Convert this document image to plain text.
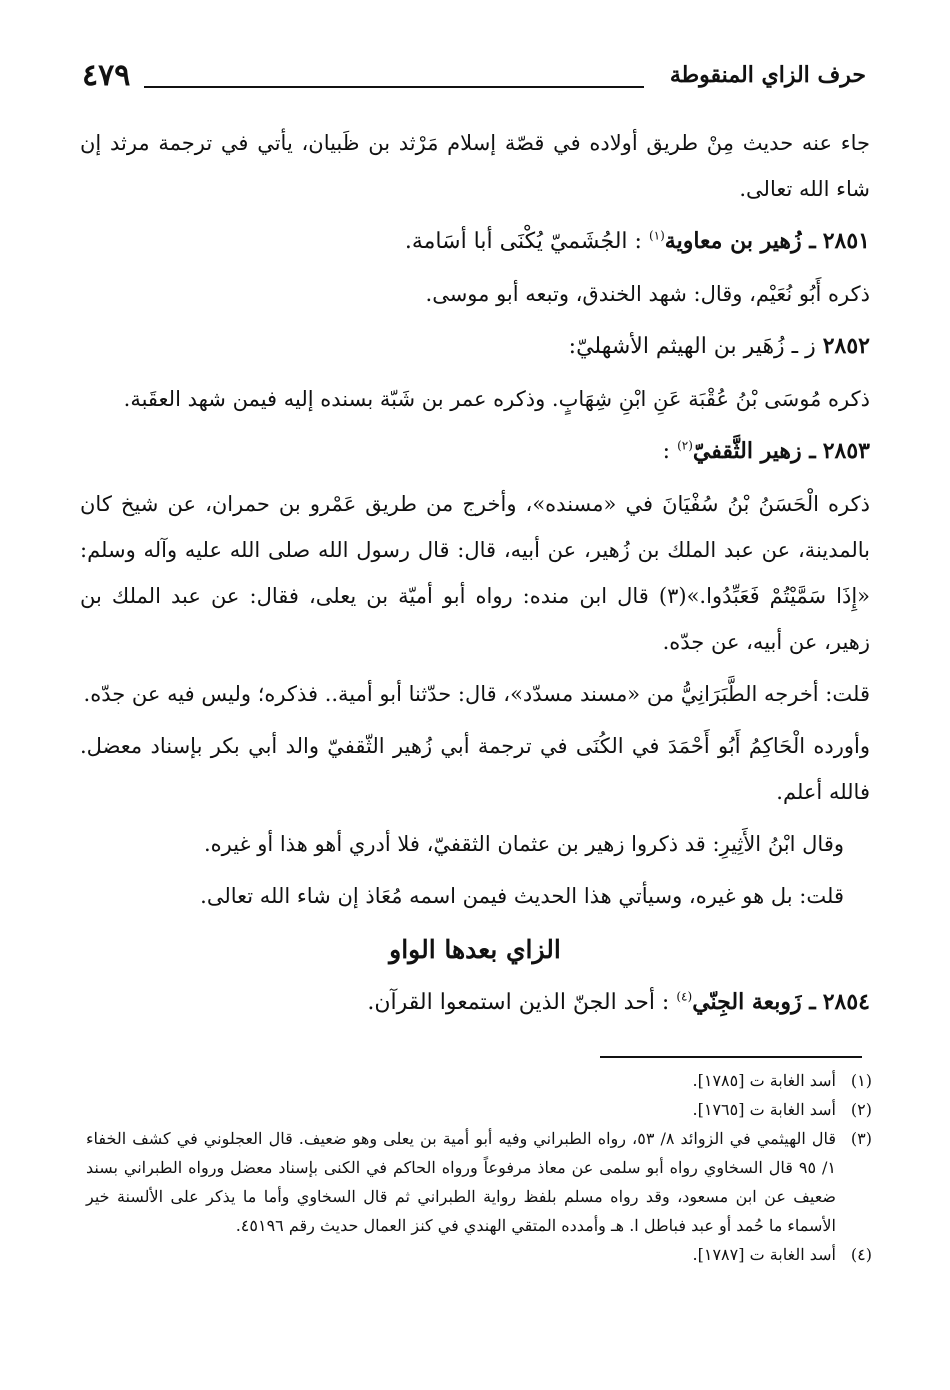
حرف الزاي المنقوطة
٤٧٩

جاء عنه حديث مِنْ طريق أولاده في قصّة إسلام مَرْثد بن ظَبيان، يأتي في ترجمة مرثد إن شاء الله تعالى.

٢٨٥١ ـ زُهير بن معاوية$^{(١)}$ : الجُشَميّ يُكْنَى أبا أسَامة.

ذكره أَبُو نُعَيْم، وقال: شهد الخندق، وتبعه أبو موسى.

٢٨٥٢ ز ـ زُهَير بن الهيثم الأشهليّ:

ذكره مُوسَى بْنُ عُقْبَة عَنِ ابْنِ شِهَابٍ. وذكره عمر بن شَبّة بسنده إليه فيمن شهد العقَبة.

٢٨٥٣ ـ زهير الثَّقفيّ$^{(٢)}$ :

ذكره الْحَسَنُ بْنُ سُفْيَانَ في «مسنده»، وأخرج من طريق عَمْرو بن حمران، عن شيخ كان بالمدينة، عن عبد الملك بن زُهير، عن أبيه، قال: قال رسول الله صلى الله عليه وآله وسلم: «إِذَا سَمَّيْتُمْ فَعَبِّدُوا.»(٣) قال ابن منده: رواه أبو أميّة بن يعلى، فقال: عن عبد الملك بن زهير، عن أبيه، عن جدّه.

قلت: أخرجه الطَّبَرَانِيُّ من «مسند مسدّد»، قال: حدّثنا أبو أمية.. فذكره؛ وليس فيه عن جدّه.

وأورده الْحَاكِمُ أَبُو أَحْمَدَ في الكُنَى في ترجمة أبي زُهير الثّقفيّ والد أبي بكر بإسناد معضل. فالله أعلم.

وقال ابْنُ الأَثِيرِ: قد ذكروا زهير بن عثمان الثقفيّ، فلا أدري أهو هذا أو غيره.

قلت: بل هو غيره، وسيأتي هذا الحديث فيمن اسمه مُعَاذ إن شاء الله تعالى.

الزاي بعدها الواو

٢٨٥٤ ـ زَوبعة الجِنّي$^{(٤)}$ : أحد الجنّ الذين استمعوا القرآن.

(١)
أسد الغابة ت [١٧٨٥].
(٢)
أسد الغابة ت [١٧٦٥].
(٣)
قال الهيثمي في الزوائد ٨/ ٥٣، رواه الطبراني وفيه أبو أمية بن يعلى وهو ضعيف. قال العجلوني في كشف الخفاء ١/ ٩٥ قال السخاوي رواه أبو سلمى عن معاذ مرفوعاً ورواه الحاكم في الكنى بإسناد معضل ورواه الطبراني بسند ضعيف عن ابن مسعود، وقد رواه مسلم بلفظ رواية الطبراني ثم قال السخاوي وأما ما يذكر على الألسنة خير الأسماء ما حُمد أو عبد فباطل ا. هـ وأمدده المتقي الهندي في كنز العمال حديث رقم ٤٥١٩٦.
(٤)
أسد الغابة ت [١٧٨٧].
